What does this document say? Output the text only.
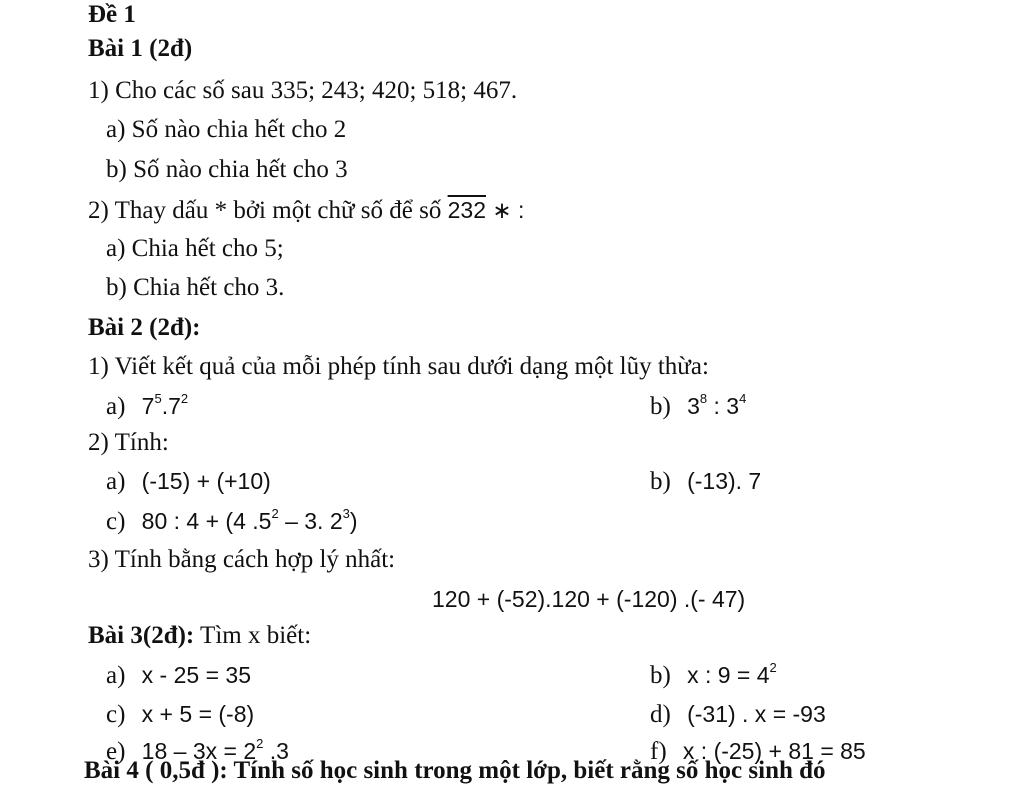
Đề 1
Bài 1 (2đ)
1) Cho các số sau 335; 243; 420; 518; 467.
a) Số nào chia hết cho 2
b) Số nào chia hết cho 3
2) Thay dấu * bởi một chữ số để số 232 ∗ :
a) Chia hết cho 5;
b) Chia hết cho 3.
Bài 2 (2đ):
1) Viết kết quả của mỗi phép tính sau dưới dạng một lũy thừa:
a) $7^5.7^2$	b) $3^8$ : $3^4$
2) Tính:
a) (-15) + (+10)	b) (-13). 7
c) 80 : 4 + (4 $.5^2 - 3$. $2^3$)
3) Tính bằng cách hợp lý nhất:
120 + (-52).120 + (-120) .(- 47)
Bài 3(2đ): Tìm x biết:
a) x - 25 = 35	b) x : $9 = 4^2$
c) x + 5 = (-8)	d) (-31) . x = -93
e) $18 - 3x = 2^2$ .3	f) x : (-25) + 81 = 85
Bài 4 ( 0,5đ ): Tính số học sinh trong một lớp, biết rằng số học sinh đó
